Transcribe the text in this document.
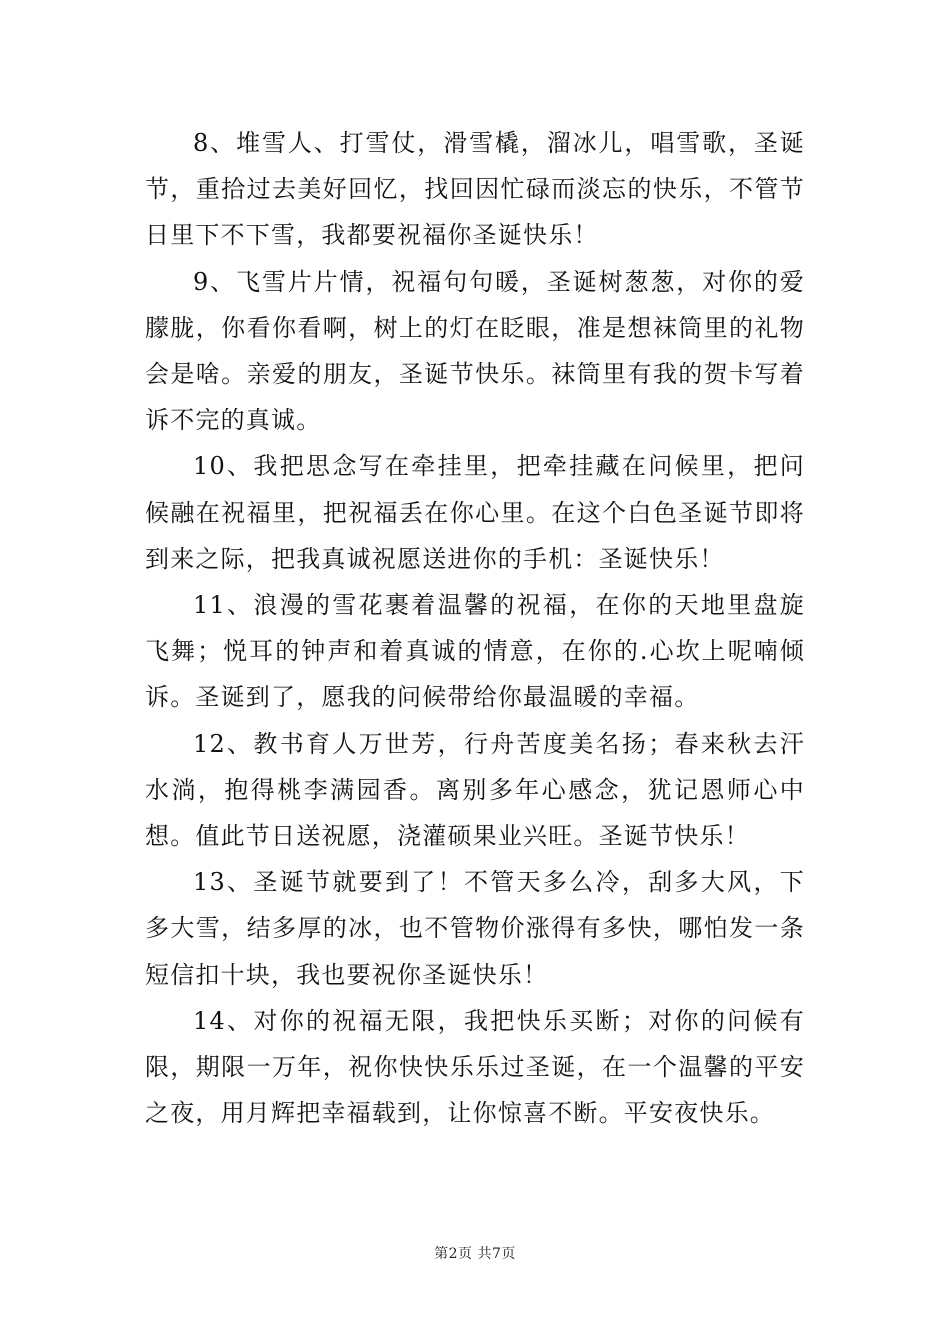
8、堆雪人、打雪仗，滑雪橇，溜冰儿，唱雪歌，圣诞节，重拾过去美好回忆，找回因忙碌而淡忘的快乐，不管节日里下不下雪，我都要祝福你圣诞快乐！

9、飞雪片片情，祝福句句暖，圣诞树葱葱，对你的爱朦胧，你看你看啊，树上的灯在眨眼，准是想袜筒里的礼物会是啥。亲爱的朋友，圣诞节快乐。袜筒里有我的贺卡写着诉不完的真诚。

10、我把思念写在牵挂里，把牵挂藏在问候里，把问候融在祝福里，把祝福丢在你心里。在这个白色圣诞节即将到来之际，把我真诚祝愿送进你的手机：圣诞快乐！

11、浪漫的雪花裹着温馨的祝福，在你的天地里盘旋飞舞；悦耳的钟声和着真诚的情意，在你的.心坎上呢喃倾诉。圣诞到了，愿我的问候带给你最温暖的幸福。

12、教书育人万世芳，行舟苦度美名扬；春来秋去汗水淌，抱得桃李满园香。离别多年心感念，犹记恩师心中想。值此节日送祝愿，浇灌硕果业兴旺。圣诞节快乐！

13、圣诞节就要到了！不管天多么冷，刮多大风，下多大雪，结多厚的冰，也不管物价涨得有多快，哪怕发一条短信扣十块，我也要祝你圣诞快乐！

14、对你的祝福无限，我把快乐买断；对你的问候有限，期限一万年，祝你快快乐乐过圣诞，在一个温馨的平安之夜，用月辉把幸福载到，让你惊喜不断。平安夜快乐。

第2页 共7页
